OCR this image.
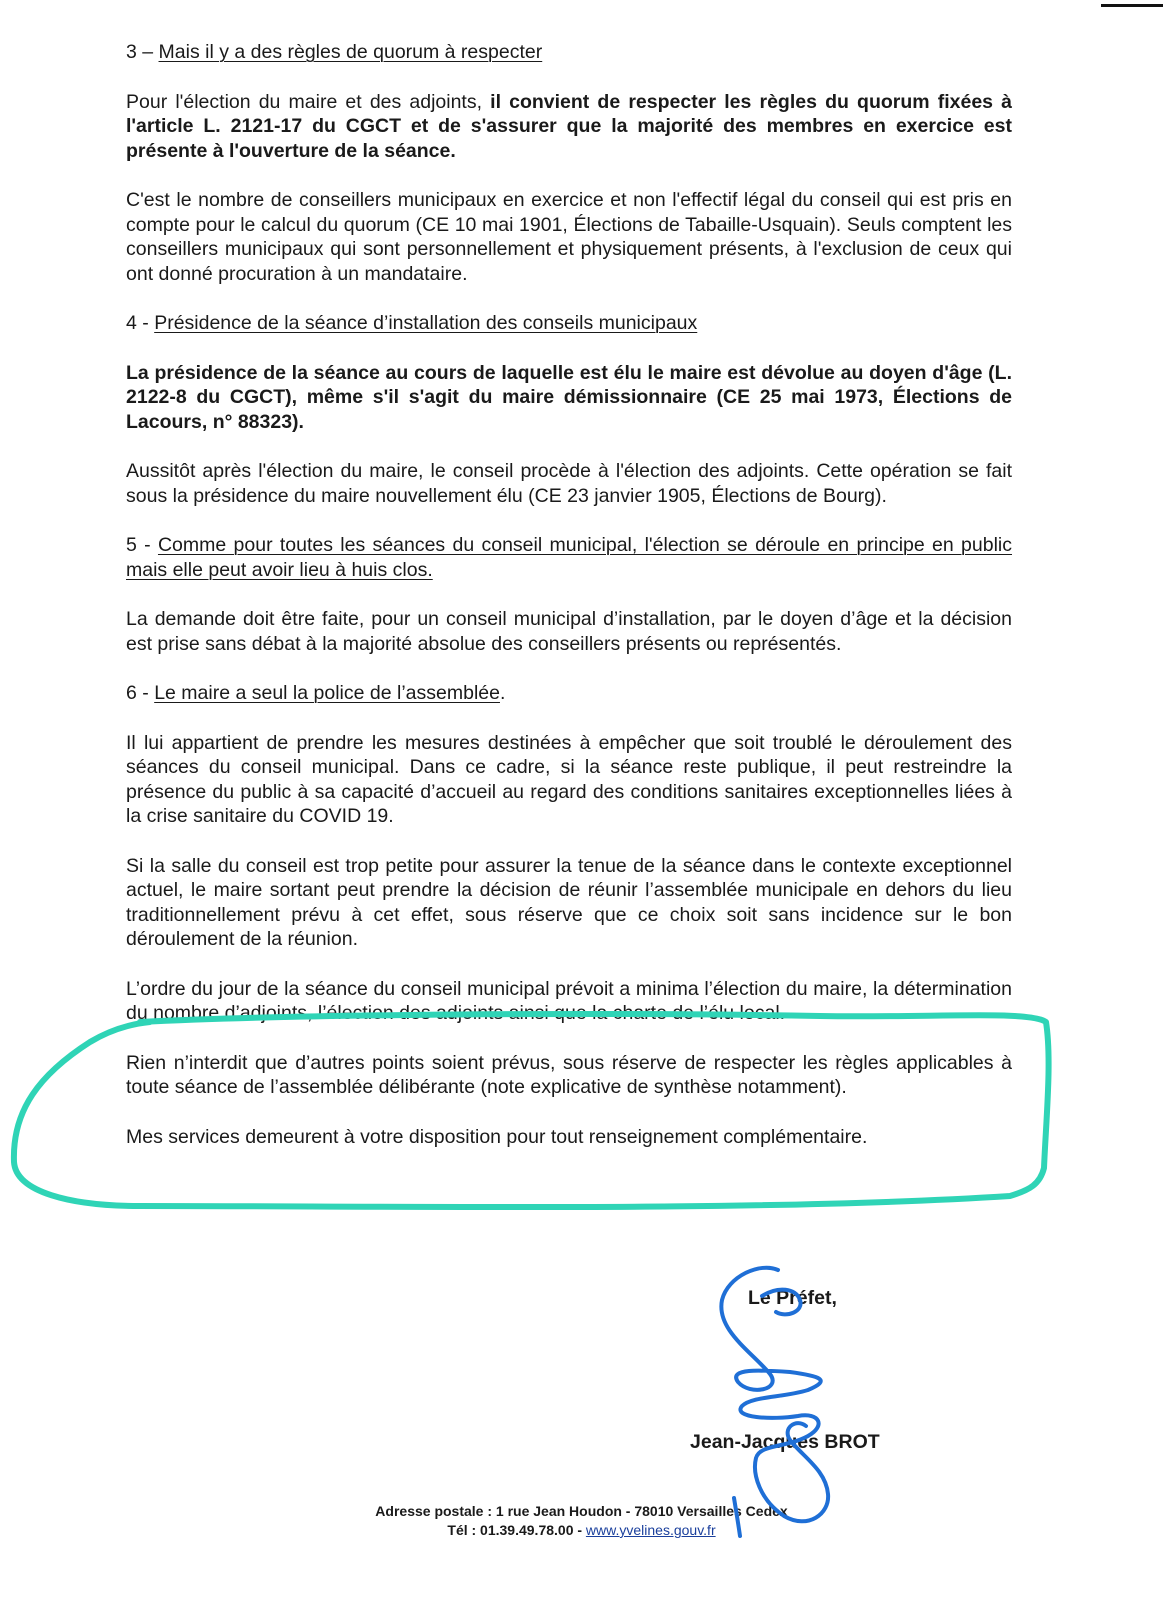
3 – Mais il y a des règles de quorum à respecter

Pour l'élection du maire et des adjoints, il convient de respecter les règles du quorum fixées à l'article L. 2121-17 du CGCT et de s'assurer que la majorité des membres en exercice est présente à l'ouverture de la séance.

C'est le nombre de conseillers municipaux en exercice et non l'effectif légal du conseil qui est pris en compte pour le calcul du quorum (CE 10 mai 1901, Élections de Tabaille-Usquain). Seuls comptent les conseillers municipaux qui sont personnellement et physiquement présents, à l'exclusion de ceux qui ont donné procuration à un mandataire.

4 - Présidence de la séance d’installation des conseils municipaux

La présidence de la séance au cours de laquelle est élu le maire est dévolue au doyen d'âge (L. 2122-8 du CGCT), même s'il s'agit du maire démissionnaire (CE 25 mai 1973, Élections de Lacours, n° 88323).

Aussitôt après l'élection du maire, le conseil procède à l'élection des adjoints. Cette opération se fait sous la présidence du maire nouvellement élu (CE 23 janvier 1905, Élections de Bourg).

5 - Comme pour toutes les séances du conseil municipal, l'élection se déroule en principe en public mais elle peut avoir lieu à huis clos.

La demande doit être faite, pour un conseil municipal d’installation, par le doyen d’âge et la décision est prise sans débat à la majorité absolue des conseillers présents ou représentés.

6 - Le maire a seul la police de l’assemblée.

Il lui appartient de prendre les mesures destinées à empêcher que soit troublé le déroulement des séances du conseil municipal. Dans ce cadre, si la séance reste publique, il peut restreindre la présence du public à sa capacité d’accueil au regard des conditions sanitaires exceptionnelles liées à la crise sanitaire du COVID 19.

Si la salle du conseil est trop petite pour assurer la tenue de la séance dans le contexte exceptionnel actuel, le maire sortant peut prendre la décision de réunir l’assemblée municipale en dehors du lieu traditionnellement prévu à cet effet, sous réserve que ce choix soit sans incidence sur le bon déroulement de la réunion.

L’ordre du jour de la séance du conseil municipal prévoit a minima l’élection du maire, la détermination du nombre d’adjoints, l’élection des adjoints ainsi que la charte de l’élu local.

Rien n’interdit que d’autres points soient prévus, sous réserve de respecter les règles applicables à toute séance de l’assemblée délibérante (note explicative de synthèse notamment).

Mes services demeurent à votre disposition pour tout renseignement complémentaire.

Le Préfet,
Jean-Jacques BROT
Adresse postale : 1 rue Jean Houdon - 78010 Versailles Cedex
Tél : 01.39.49.78.00 - www.yvelines.gouv.fr
